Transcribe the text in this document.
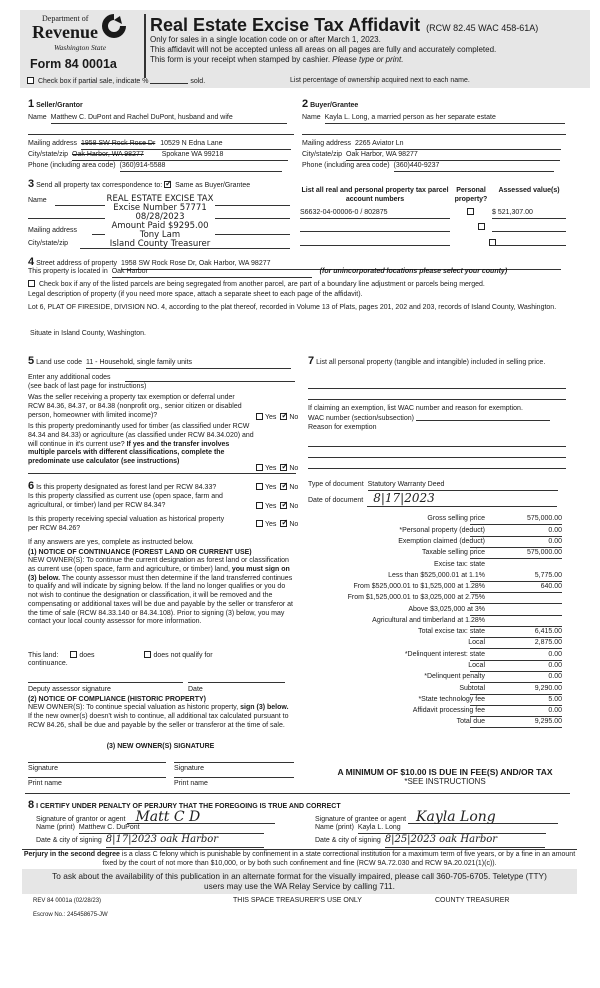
Department of
Revenue
Washington State
Form 84 0001a
Real Estate Excise Tax Affidavit (RCW 82.45 WAC 458-61A)
Only for sales in a single location code on or after March 1, 2023.
This affidavit will not be accepted unless all areas on all pages are fully and accurately completed.
This form is your receipt when stamped by cashier. Please type or print.
Check box if partial sale, indicate %	sold.	List percentage of ownership acquired next to each name.
1 Seller/Grantor
Name Matthew C. DuPont and Rachel DuPont, husband and wife
Mailing address 1958 SW Rock Rose Dr 10529 N Edna Lane
City/state/zip Oak Harbor, WA 98277	Spokane WA 99218
Phone (including area code) (360)914-5588
2 Buyer/Grantee
Name Kayla L. Long, a married person as her separate estate
Mailing address 2265 Aviator Ln
City/state/zip Oak Harbor, WA 98277
Phone (including area code) (360)440-9237
3 Send all property tax correspondence to: ✓ Same as Buyer/Grantee
Name
Mailing address
City/state/zip
REAL ESTATE EXCISE TAX
Excise Number 57771
08/28/2023
Amount Paid $9295.00
Tony Lam
Island County Treasurer
List all real and personal property tax parcel account numbers
Personal property?
Assessed value(s)
S6632-04-00006-0 / 802875
	$ 521,307.00

4 Street address of property 1958 SW Rock Rose Dr, Oak Harbor, WA 98277
This property is located in Oak Harbor	(for unincorporated locations please select your county)
Check box if any of the listed parcels are being segregated from another parcel, are part of a boundary line adjustment or parcels being merged.
Legal description of property (if you need more space, attach a separate sheet to each page of the affidavit).
Lot 6, PLAT OF FIRESIDE, DIVISION NO. 4, according to the plat thereof, recorded in Volume 13 of Plats, pages 201, 202 and 203, records of Island County, Washington.
Situate in Island County, Washington.
5 Land use code 11 - Household, single family units
Enter any additional codes
(see back of last page for instructions)
Was the seller receiving a property tax exemption or deferral under RCW 84.36, 84.37, or 84.38 (nonprofit org., senior citizen or disabled person, homeowner with limited income)?	Yes ✓ No
Is this property predominantly used for timber (as classified under RCW 84.34 and 84.33) or agriculture (as classified under RCW 84.34.020) and will continue in it's current use? If yes and the transfer involves multiple parcels with different classifications, complete the predominate use calculator (see instructions)
Yes ✓ No
6 Is this property designated as forest land per RCW 84.33?	Yes ✓ No
Is this property classified as current use (open space, farm and agricultural, or timber) land per RCW 84.34?	Yes ✓ No
Is this property receiving special valuation as historical property per RCW 84.26?
Yes ✓ No
If any answers are yes, complete as instructed below.
(1) NOTICE OF CONTINUANCE (FOREST LAND OR CURRENT USE)
NEW OWNER(S): To continue the current designation as forest land or classification as current use (open space, farm and agriculture, or timber) land, you must sign on (3) below. The county assessor must then determine if the land transferred continues to qualify and will indicate by signing below. If the land no longer qualifies or you do not wish to continue the designation or classification, it will be removed and the compensating or additional taxes will be due and payable by the seller or transferor at the time of sale (RCW 84.33.140 or 84.34.108). Prior to signing (3) below, you may contact your local county assessor for more information.
This land:	does	does not qualify for
continuance.
Deputy assessor signature	Date
(2) NOTICE OF COMPLIANCE (HISTORIC PROPERTY)
NEW OWNER(S): To continue special valuation as historic property, sign (3) below. If the new owner(s) doesn't wish to continue, all additional tax calculated pursuant to RCW 84.26, shall be due and payable by the seller or transferor at the time of sale.
(3) NEW OWNER(S) SIGNATURE
Signature	Signature
Print name	Print name
7 List all personal property (tangible and intangible) included in selling price.
If claiming an exemption, list WAC number and reason for exemption.
WAC number (section/subsection)
Reason for exemption
Type of document Statutory Warranty Deed
Date of document 8|17|2023
Gross selling price	575,000.00
*Personal property (deduct)	0.00
Exemption claimed (deduct)	0.00
Taxable selling price	575,000.00
Excise tax: state
Less than $525,000.01 at 1.1%	5,775.00
From $525,000.01 to $1,525,000 at 1.28%	640.00
From $1,525,000.01 to $3,025,000 at 2.75%
Above $3,025,000 at 3%
Agricultural and timberland at 1.28%
Total excise tax: state	6,415.00
Local	2,875.00
*Delinquent interest: state	0.00
Local	0.00
*Delinquent penalty	0.00
Subtotal	9,290.00
*State technology fee	5.00
Affidavit processing fee	0.00
Total due	9,295.00
A MINIMUM OF $10.00 IS DUE IN FEE(S) AND/OR TAX
*SEE INSTRUCTIONS
8 I CERTIFY UNDER PENALTY OF PERJURY THAT THE FOREGOING IS TRUE AND CORRECT
Signature of grantor or agent Matt C D
Name (print) Matthew C. DuPont
Date & city of signing 8|17|2023 oak Harbor
Signature of grantee or agent Kayla Long
Name (print) Kayla L. Long
Date & city of signing 8|25|2023 oak Harbor
Perjury in the second degree is a class C felony which is punishable by confinement in a state correctional institution for a maximum term of five years, or by a fine in an amount fixed by the court of not more than $10,000, or by both such confinement and fine (RCW 9A.72.030 and RCW 9A.20.021(1)(c)).
To ask about the availability of this publication in an alternate format for the visually impaired, please call 360-705-6705. Teletype (TTY) users may use the WA Relay Service by calling 711.
REV 84 0001a (02/28/23)	THIS SPACE TREASURER'S USE ONLY	COUNTY TREASURER
Escrow No.: 245458675-JW
